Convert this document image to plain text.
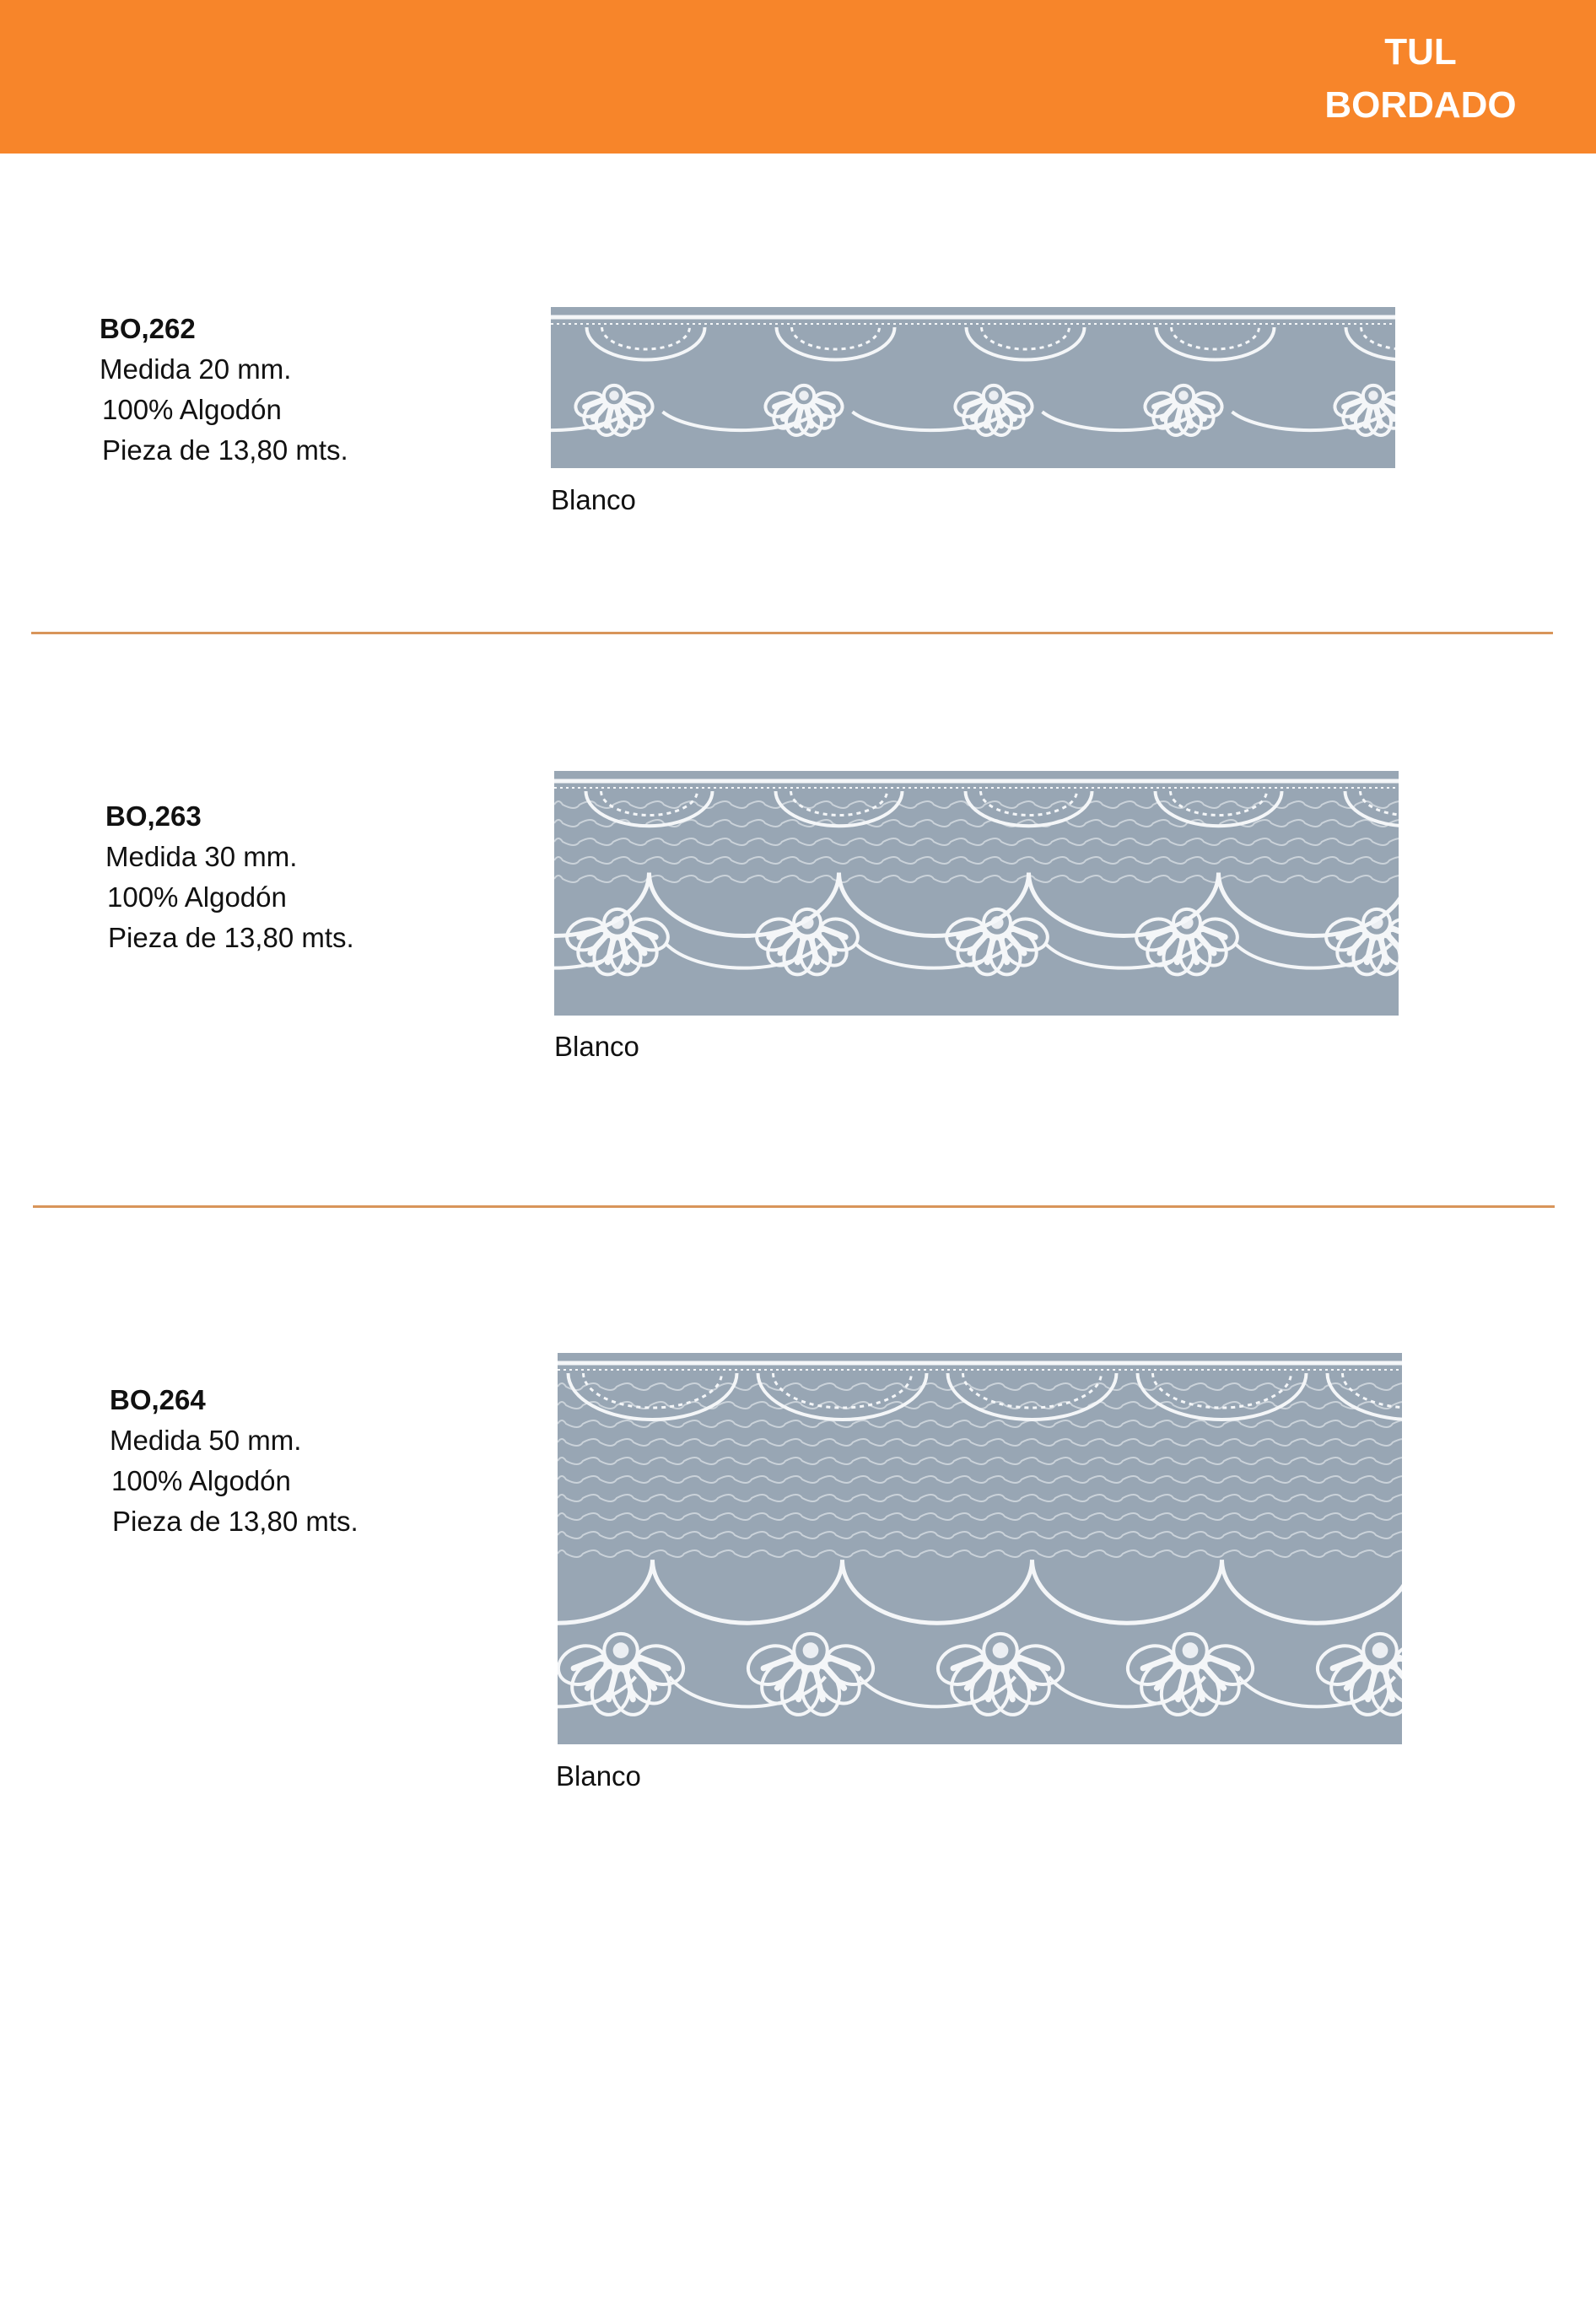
TUL
BORDADO
BO,262
Medida 20 mm.
100% Algodón
Pieza de 13,80 mts.
Blanco
BO,263
Medida 30 mm.
100% Algodón
Pieza de 13,80 mts.
Blanco
BO,264
Medida 50 mm.
100% Algodón
Pieza de 13,80 mts.
Blanco
